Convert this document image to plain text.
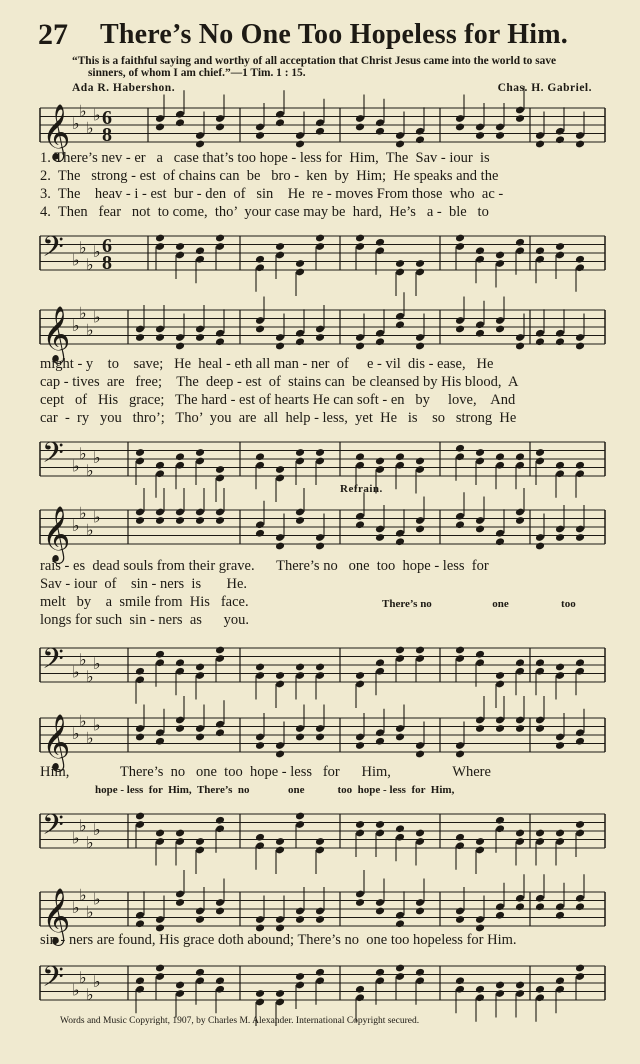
27 There’s No One Too Hopeless for Him.
“This is a faithful saying and worthy of all acceptation that Christ Jesus came into the world to save
sinners, of whom I am chief.”—1 Tim. 1 : 15.
Ada R. Habershon.	Chas. H. Gabriel.
𝄞 ♭
♭
♭
♭ 6
8
1. There’s nev - er   a   case that’s too hope - less for  Him,  The  Sav - iour  is
2.  The   strong - est  of chains can  be   bro -  ken  by  Him;  He speaks and the
3.  The    heav - i - est  bur - den  of   sin    He  re - moves From those  who  ac -
4.  Then   fear   not  to come,  tho’  your case may be  hard,  He’s   a -  ble   to
𝄢 ♭
♭
♭
♭ 6
8
𝄞 ♭
♭
♭
♭
might - y    to    save;   He  heal - eth all man - ner  of     e - vil  dis - ease,   He
cap - tives  are   free;    The  deep - est  of  stains can  be cleansed by His blood,  A
cept   of   His   grace;   The hard - est of hearts He can soft - en   by     love,    And
car  -  ry   you   thro’;   Tho’  you  are  all  help - less,  yet  He   is    so   strong  He
𝄢 ♭
♭
♭
♭
Refrain.
𝄞 ♭
♭
♭
♭
rais - es  dead souls from their grave.      There’s no   one  too  hope - less  for
Sav - iour  of    sin - ners  is       He.
melt   by    a  smile from  His   face.	There’s no                      one                   too
longs for such  sin - ners  as      you.
𝄢 ♭
♭
♭
♭
𝄞 ♭
♭
♭
♭
Him,              There’s  no   one  too  hope - less   for      Him,                 Where
hope - less  for  Him,  There’s  no              one            too  hope - less  for  Him,
𝄢 ♭
♭
♭
♭
𝄞 ♭
♭
♭
♭
sin - ners are found, His grace doth abound; There’s no  one too hopeless for Him.
𝄢 ♭
♭
♭
♭
Words and Music Copyright, 1907, by Charles M. Alexander. International Copyright secured.
